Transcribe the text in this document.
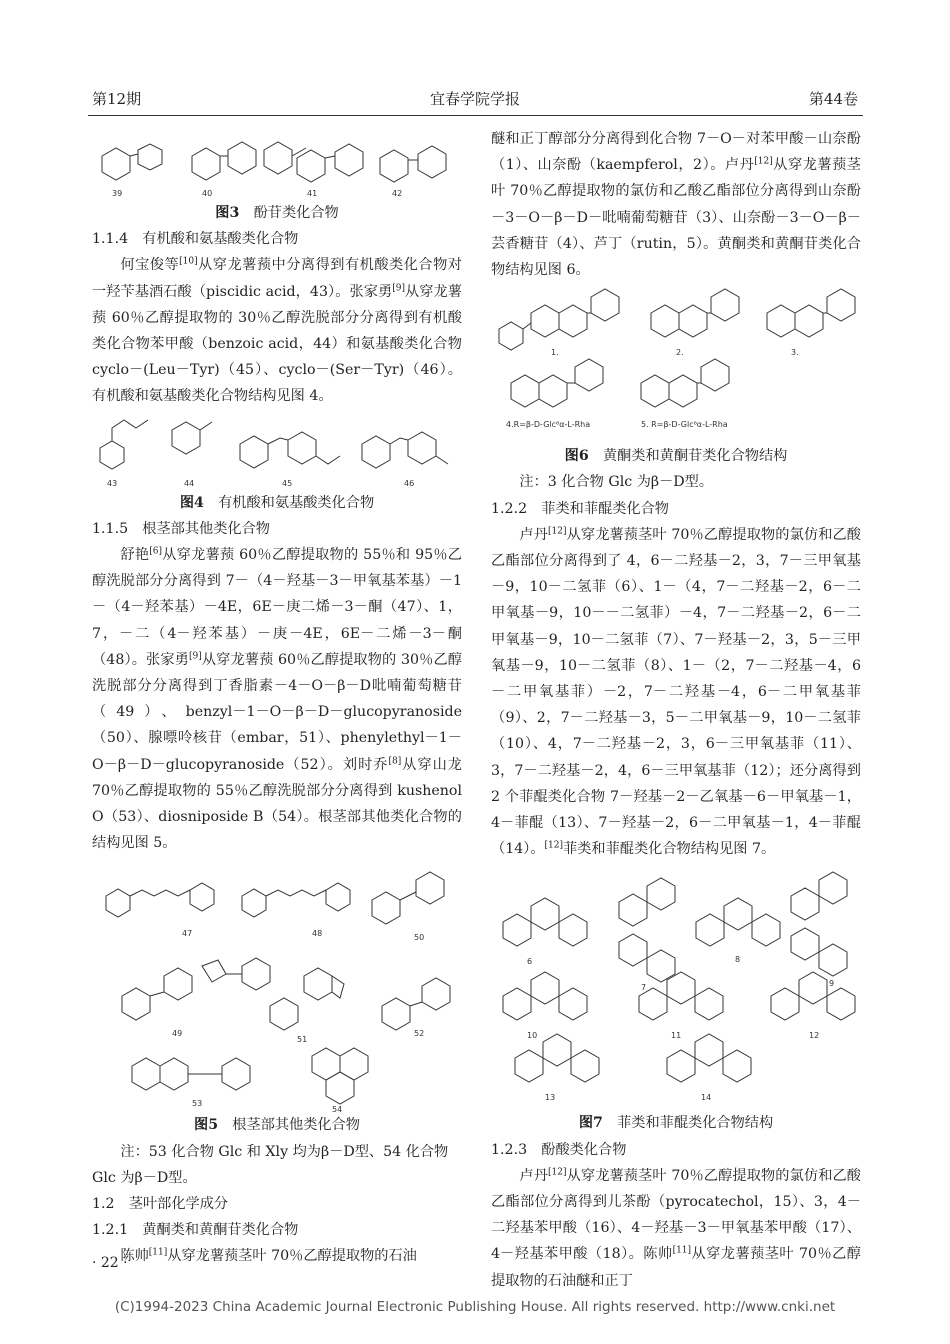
第12期	宜春学院学报	第44卷
39	40	41	42

图3　 酚苷类化合物

1.1.4　有机酸和氨基酸类化合物

何宝俊等[10]从穿龙薯蓣中分离得到有机酸类化合物对一羟苄基酒石酸（piscidic acid，43）。张家勇[9]从穿龙薯蓣 60％乙醇提取物的 30％乙醇洗脱部分分离得到有机酸类化合物苯甲酸（benzoic acid，44）和氨基酸类化合物 cyclo－(Leu－Tyr)（45）、cyclo－(Ser－Tyr)（46）。有机酸和氨基酸类化合物结构见图 4。

43	44	45	46

图4　 有机酸和氨基酸类化合物

1.1.5　根茎部其他类化合物

舒艳[6]从穿龙薯蓣 60％乙醇提取物的 55％和 95％乙醇洗脱部分分离得到 7－（4－羟基－3－甲氧基苯基）－1－（4－羟苯基）－4E，6E－庚二烯－3－酮（47）、1，7，－二（4－羟苯基）－庚－4E，6E－二烯－3－酮（48）。张家勇[9]从穿龙薯蓣 60％乙醇提取物的 30％乙醇洗脱部分分离得到丁香脂素－4－O－β－D吡喃葡萄糖苷（49）、benzyl－1－O－β－D－glucopyranoside（50）、腺嘌呤核苷（embar，51）、phenylethyl－1－O－β－D－glucopyranoside（52）。刘时乔[8]从穿山龙 70％乙醇提取物的 55％乙醇洗脱部分分离得到 kushenol O（53）、diosniposide B（54）。根茎部其他类化合物的结构见图 5。

47	48	50
49
51
52
53
54

图5　 根茎部其他类化合物

注：53 化合物 Glc 和 Xly 均为β－D型、54 化合物 Glc 为β－D型。

1.2　茎叶部化学成分

1.2.1　黄酮类和黄酮苷类化合物

陈帅[11]从穿龙薯蓣茎叶 70％乙醇提取物的石油

醚和正丁醇部分分离得到化合物 7－O－对苯甲酸－山奈酚（1）、山奈酚（kaempferol，2）。卢丹[12]从穿龙薯蓣茎叶 70％乙醇提取物的氯仿和乙酸乙酯部位分离得到山奈酚－3－O－β－D－吡喃葡萄糖苷（3）、山奈酚－3－O－β－芸香糖苷（4）、芦丁（rutin，5）。黄酮类和黄酮苷类化合物结构见图 6。

1.	2.	3.
4.R=β-D-Glc⁶α-L-Rha	5. R=β-D-Glc⁶α-L-Rha

图6　 黄酮类和黄酮苷类化合物结构

注：3 化合物 Glc 为β－D型。

1.2.2　菲类和菲醌类化合物

卢丹[12]从穿龙薯蓣茎叶 70％乙醇提取物的氯仿和乙酸乙酯部位分离得到了 4，6－二羟基－2，3，7－三甲氧基－9，10－二氢菲（6）、1－（4，7－二羟基－2，6－二甲氧基－9，10－－二氢菲）－4，7－二羟基－2，6－二甲氧基－9，10－二氢菲（7）、7－羟基－2，3，5－三甲氧基－9，10－二氢菲（8）、1－（2，7－二羟基－4，6－二甲氧基菲）－2，7－二羟基－4，6－二甲氧基菲（9）、2，7－二羟基－3，5－二甲氧基－9，10－二氢菲（10）、4，7－二羟基－2，3，6－三甲氧基菲（11）、3，7－二羟基－2，4，6－三甲氧基菲（12）；还分离得到 2 个菲醌类化合物 7－羟基－2－乙氧基－6－甲氧基－1，4－菲醌（13）、7－羟基－2，6－二甲氧基－1，4－菲醌（14）。[12]菲类和菲醌类化合物结构见图 7。

6
7
8
9
10	11	12
13	14

图7　 菲类和菲醌类化合物结构

1.2.3　酚酸类化合物

卢丹[12]从穿龙薯蓣茎叶 70％乙醇提取物的氯仿和乙酸乙酯部位分离得到儿茶酚（pyrocatechol，15）、3，4－二羟基苯甲酸（16）、4－羟基－3－甲氧基苯甲酸（17）、4－羟基苯甲酸（18）。陈帅[11]从穿龙薯蓣茎叶 70％乙醇提取物的石油醚和正丁

· 22 ·
(C)1994-2023 China Academic Journal Electronic Publishing House. All rights reserved. http://www.cnki.net
